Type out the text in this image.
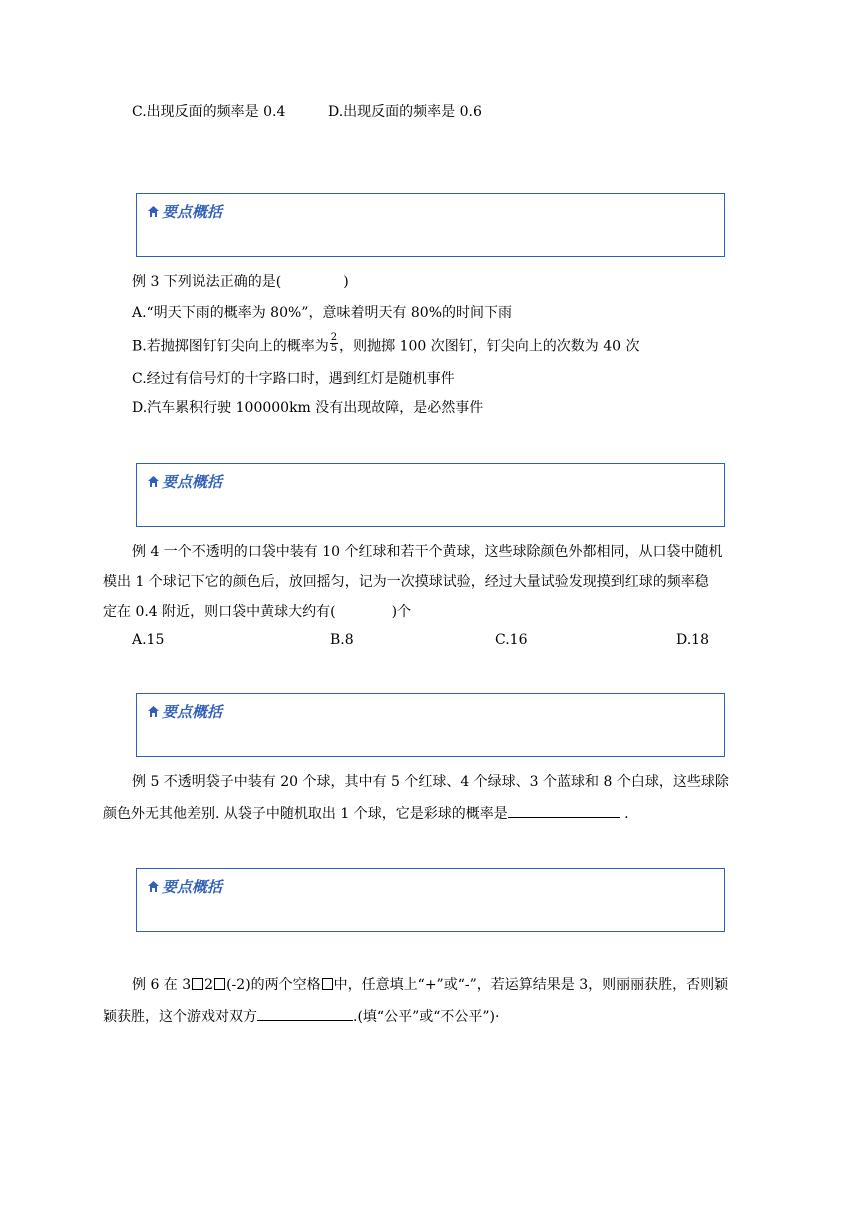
C.出现反面的频率是 0.4	D.出现反面的频率是 0.6
要点概括
例 3 下列说法正确的是(	)
A.“明天下雨的概率为 80%”，意味着明天有 80%的时间下雨
B.若抛掷图钉钉尖向上的概率为 $\frac{2}{5}$ ，则抛掷 100 次图钉，钉尖向上的次数为 40 次
C.经过有信号灯的十字路口时，遇到红灯是随机事件
D.汽车累积行驶 100000km 没有出现故障，是必然事件
要点概括
例 4 一个不透明的口袋中装有 10 个红球和若干个黄球，这些球除颜色外都相同，从口袋中随机
模出 1 个球记下它的颜色后，放回摇匀，记为一次摸球试验，经过大量试验发现摸到红球的频率稳
定在 0.4 附近，则口袋中黄球大约有(	)个
A.15	B.8	C.16	D.18
要点概括
例 5 不透明袋子中装有 20 个球，其中有 5 个红球、4 个绿球、3 个蓝球和 8 个白球，这些球除
颜色外无其他差别. 从袋子中随机取出 1 个球，它是彩球的概率是	.
要点概括
例 6 在 3 2 (-2)的两个空格 中，任意填上“+”或“-”，若运算结果是 3，则丽丽获胜，否则颖
颖获胜，这个游戏对双方	.(填“公平”或“不公平”)·
